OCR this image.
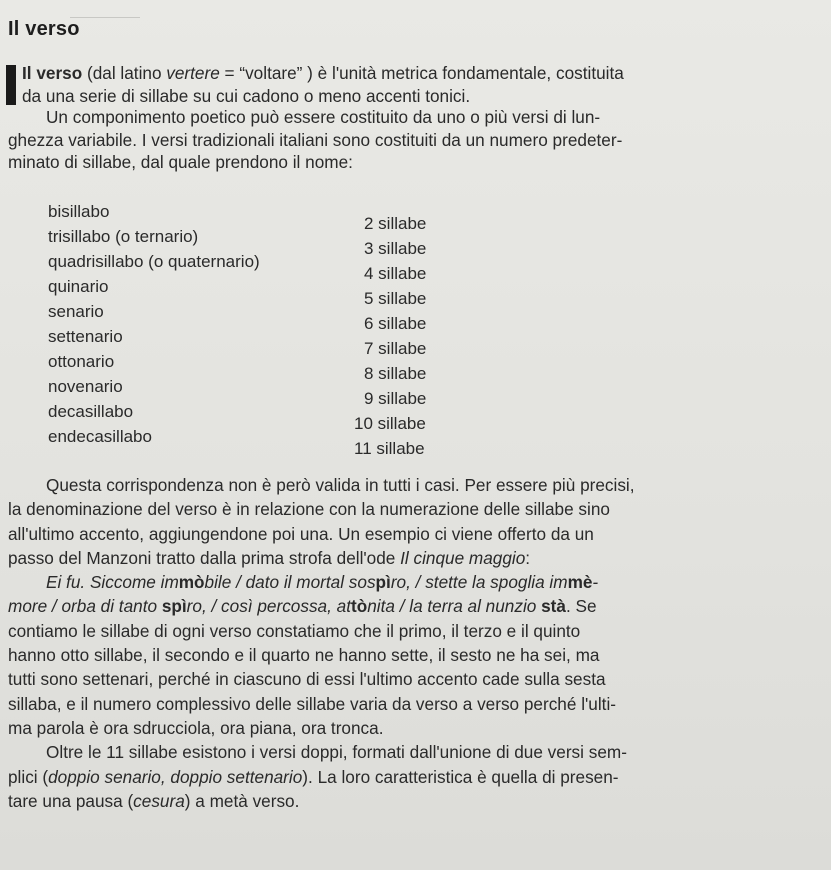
Il verso
Il verso (dal latino vertere = “voltare” ) è l'unità metrica fondamentale, costituita
da una serie di sillabe su cui cadono o meno accenti tonici.
Un componimento poetico può essere costituito da uno o più versi di lun-
ghezza variabile. I versi tradizionali italiani sono costituiti da un numero predeter-
minato di sillabe, dal quale prendono il nome:
bisillabo
2 sillabe
trisillabo (o ternario)
3 sillabe
quadrisillabo (o quaternario)
4 sillabe
quinario
5 sillabe
senario
6 sillabe
settenario
7 sillabe
ottonario
8 sillabe
novenario
9 sillabe
decasillabo
10 sillabe
endecasillabo
11 sillabe
Questa corrispondenza non è però valida in tutti i casi. Per essere più precisi,
la denominazione del verso è in relazione con la numerazione delle sillabe sino
all'ultimo accento, aggiungendone poi una. Un esempio ci viene offerto da un
passo del Manzoni tratto dalla prima strofa dell'ode Il cinque maggio:
Ei fu. Siccome immòbile / dato il mortal sospìro, / stette la spoglia immè-
more / orba di tanto spìro, / così percossa, attònita / la terra al nunzio stà. Se
contiamo le sillabe di ogni verso constatiamo che il primo, il terzo e il quinto
hanno otto sillabe, il secondo e il quarto ne hanno sette, il sesto ne ha sei, ma
tutti sono settenari, perché in ciascuno di essi l'ultimo accento cade sulla sesta
sillaba, e il numero complessivo delle sillabe varia da verso a verso perché l'ulti-
ma parola è ora sdrucciola, ora piana, ora tronca.
Oltre le 11 sillabe esistono i versi doppi, formati dall'unione di due versi sem-
plici (doppio senario, doppio settenario). La loro caratteristica è quella di presen-
tare una pausa (cesura) a metà verso.
